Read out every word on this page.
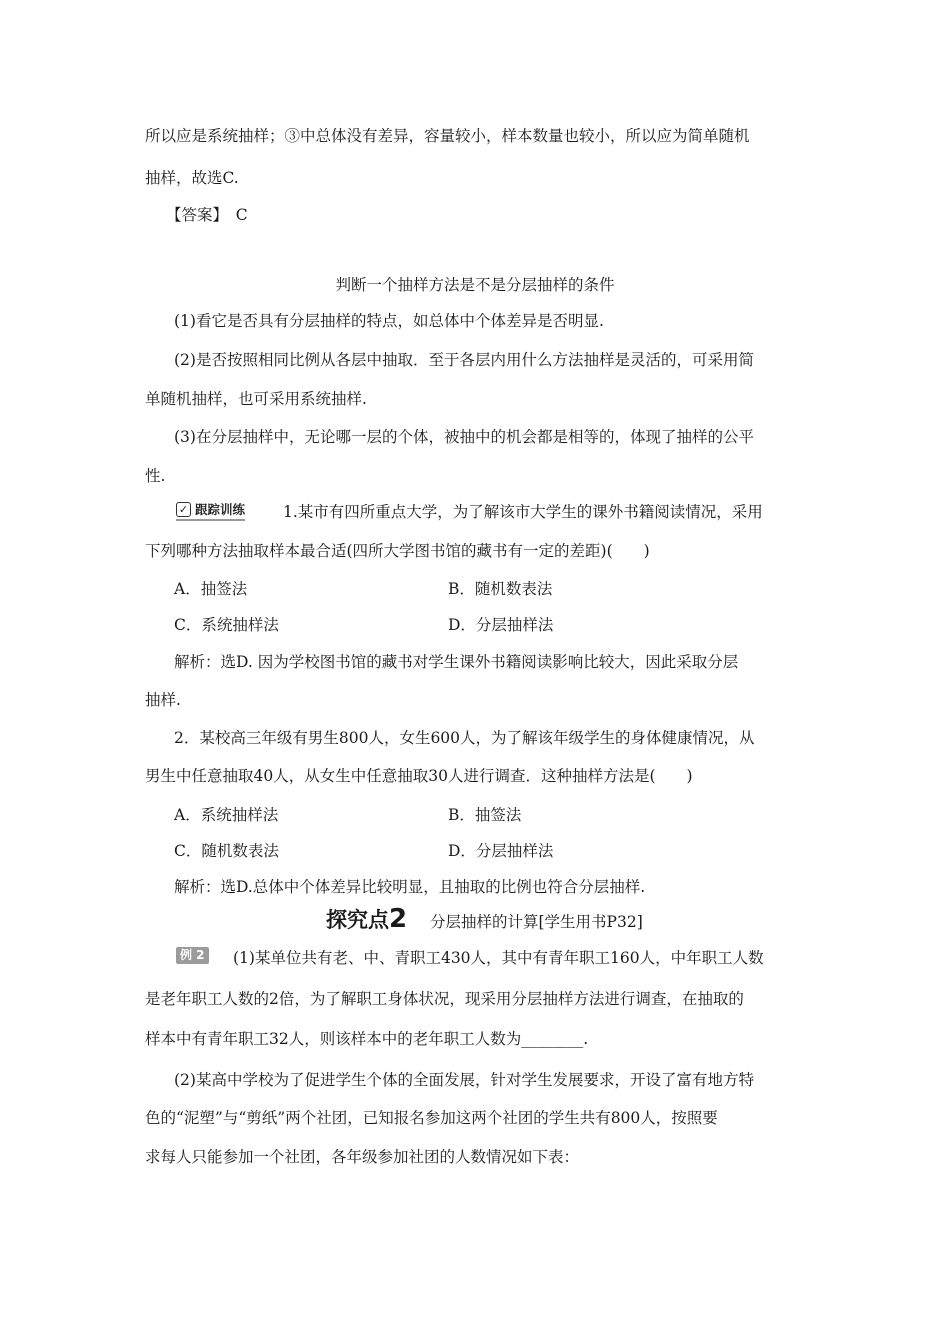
所以应是系统抽样；③中总体没有差异，容量较小，样本数量也较小，所以应为简单随机
抽样，故选C.
【答案】　C
判断一个抽样方法是不是分层抽样的条件
(1)看它是否具有分层抽样的特点，如总体中个体差异是否明显.
(2)是否按照相同比例从各层中抽取．至于各层内用什么方法抽样是灵活的，可采用简
单随机抽样，也可采用系统抽样.
(3)在分层抽样中，无论哪一层的个体，被抽中的机会都是相等的，体现了抽样的公平
性.
✓ 跟踪训练 1.某市有四所重点大学，为了解该市大学生的课外书籍阅读情况，采用
下列哪种方法抽取样本最合适(四所大学图书馆的藏书有一定的差距)(　　)
A．抽签法	B．随机数表法
C．系统抽样法	D．分层抽样法
解析：选D. 因为学校图书馆的藏书对学生课外书籍阅读影响比较大，因此采取分层
抽样.
2．某校高三年级有男生800人，女生600人，为了解该年级学生的身体健康情况，从
男生中任意抽取40人，从女生中任意抽取30人进行调查．这种抽样方法是(　　)
A．系统抽样法	B．抽签法
C．随机数表法	D．分层抽样法
解析：选D.总体中个体差异比较明显，且抽取的比例也符合分层抽样.
探究点2 分层抽样的计算[学生用书P32]
例 2 (1)某单位共有老、中、青职工430人，其中有青年职工160人，中年职工人数
是老年职工人数的2倍，为了解职工身体状况，现采用分层抽样方法进行调查，在抽取的
样本中有青年职工32人，则该样本中的老年职工人数为________.
(2)某高中学校为了促进学生个体的全面发展，针对学生发展要求，开设了富有地方特
色的“泥塑”与“剪纸”两个社团，已知报名参加这两个社团的学生共有800人，按照要
求每人只能参加一个社团，各年级参加社团的人数情况如下表：
